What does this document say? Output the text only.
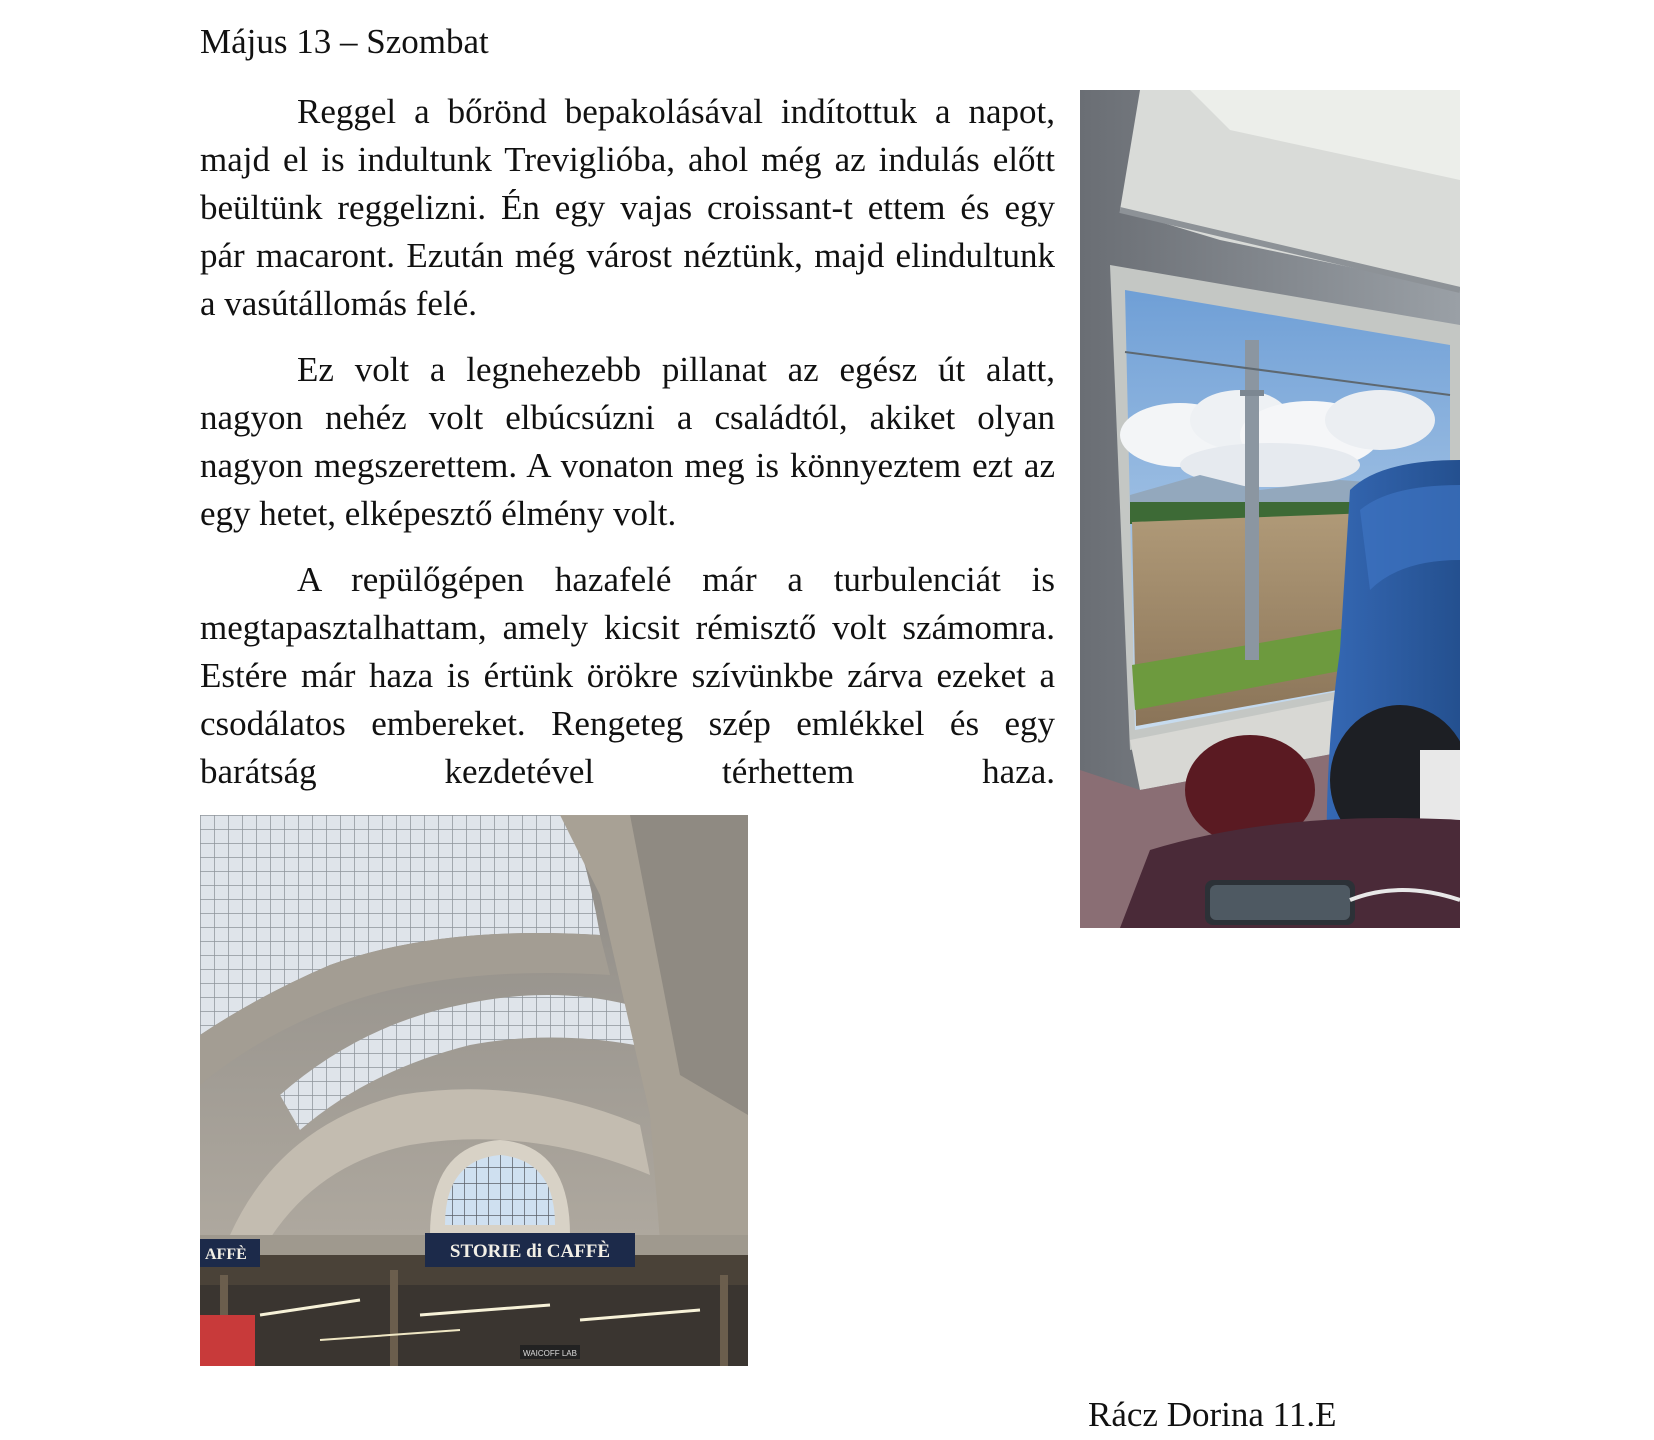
Május 13 – Szombat

Reggel a bőrönd bepakolásával indítottuk a napot, majd el is indultunk Treviglióba, ahol még az indulás előtt beültünk reggelizni. Én egy vajas croissant-t ettem és egy pár macaront. Ezután még várost néztünk, majd elindultunk a vasútállomás felé.

Ez volt a legnehezebb pillanat az egész út alatt, nagyon nehéz volt elbúcsúzni a családtól, akiket olyan nagyon megszerettem. A vonaton meg is könnyeztem ezt az egy hetet, elképesztő élmény volt.

A repülőgépen hazafelé már a turbulenciát is megtapasztalhattam, amely kicsit rémisztő volt számomra. Estére már haza is értünk örökre szívünkbe zárva ezeket a csodálatos embereket. Rengeteg szép emlékkel és egy barátság kezdetével térhettem haza.

STORIE di CAFFÈ
AFFÈ
WAICOFF LAB

Rácz Dorina 11.E
